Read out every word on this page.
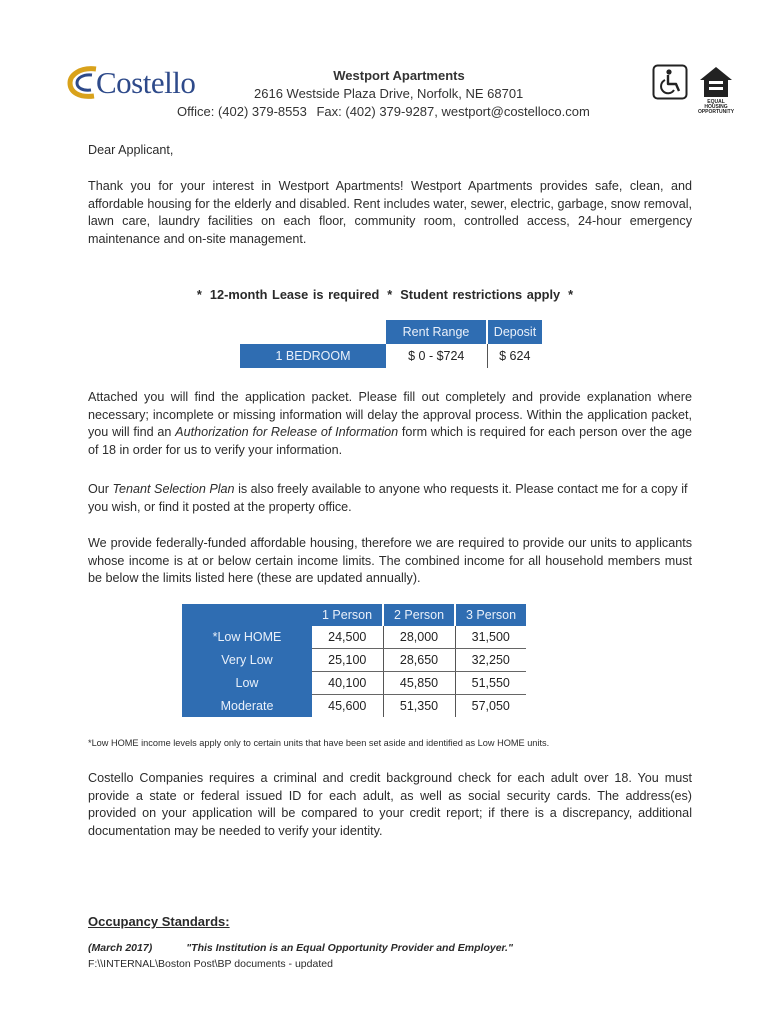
Costello	Westport Apartments
2616 Westside Plaza Drive, Norfolk, NE 68701
Office: (402) 379-8553 Fax: (402) 379-9287, westport@costelloco.com
EQUAL HOUSING OPPORTUNITY
Dear Applicant,
Thank you for your interest in Westport Apartments! Westport Apartments provides safe, clean, and affordable housing for the elderly and disabled. Rent includes water, sewer, electric, garbage, snow removal, lawn care, laundry facilities on each floor, community room, controlled access, 24-hour emergency maintenance and on-site management.
* 12-month Lease is required * Student restrictions apply *
	Rent Range	Deposit
1 BEDROOM	$ 0 - $724	$ 624
Attached you will find the application packet. Please fill out completely and provide explanation where necessary; incomplete or missing information will delay the approval process. Within the application packet, you will find an Authorization for Release of Information form which is required for each person over the age of 18 in order for us to verify your information.
Our Tenant Selection Plan is also freely available to anyone who requests it. Please contact me for a copy if you wish, or find it posted at the property office.
We provide federally-funded affordable housing, therefore we are required to provide our units to applicants whose income is at or below certain income limits. The combined income for all household members must be below the limits listed here (these are updated annually).
	1 Person	2 Person	3 Person
*Low HOME	24,500	28,000	31,500
Very Low	25,100	28,650	32,250
Low	40,100	45,850	51,550
Moderate	45,600	51,350	57,050
*Low HOME income levels apply only to certain units that have been set aside and identified as Low HOME units.
Costello Companies requires a criminal and credit background check for each adult over 18. You must provide a state or federal issued ID for each adult, as well as social security cards. The address(es) provided on your application will be compared to your credit report; if there is a discrepancy, additional documentation may be needed to verify your identity.
Occupancy Standards:
(March 2017)	"This Institution is an Equal Opportunity Provider and Employer."
F:\\INTERNAL\Boston Post\BP documents - updated
